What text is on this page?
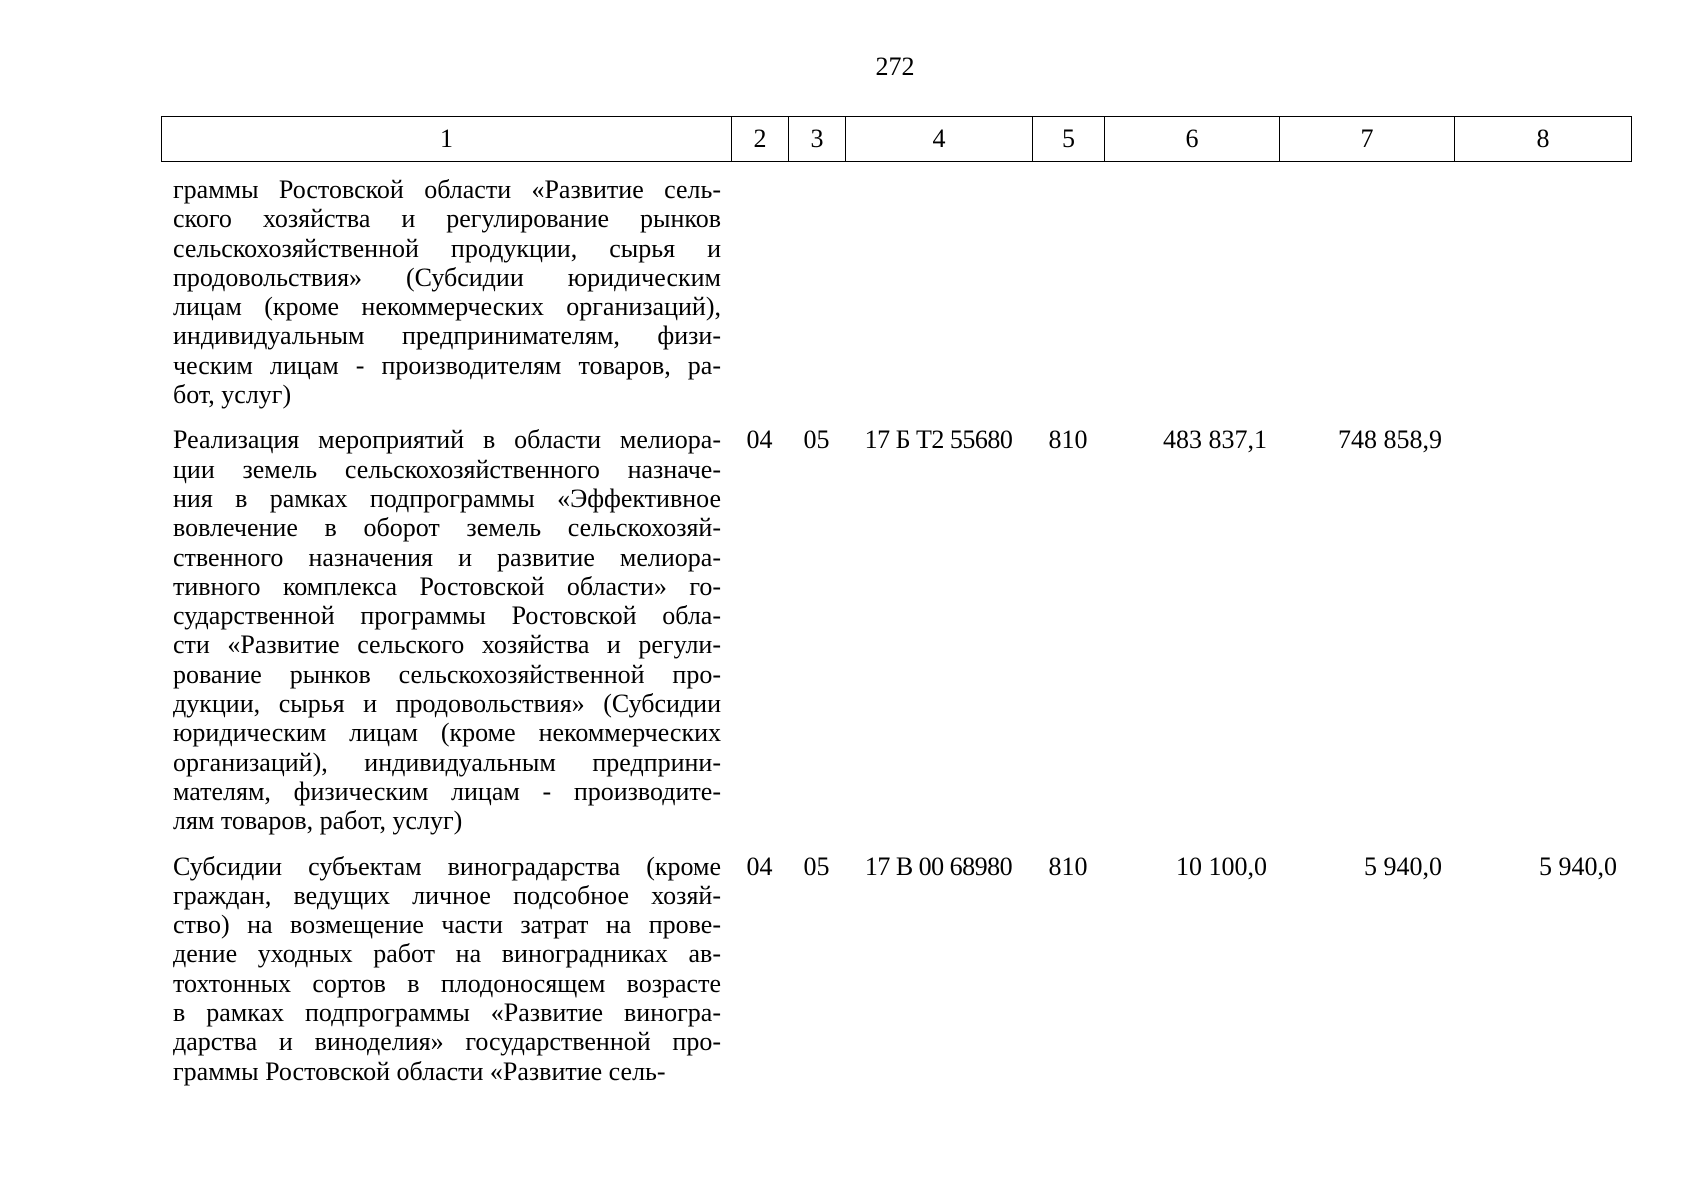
272
1	2	3	4	5	6	7	8
граммы Ростовской области «Развитие сель-
ского хозяйства и регулирование рынков
сельскохозяйственной продукции, сырья и
продовольствия» (Субсидии юридическим
лицам (кроме некоммерческих организаций),
индивидуальным предпринимателям, физи-
ческим лицам - производителям товаров, ра-
бот, услуг)
Реализация мероприятий в области мелиора-
ции земель сельскохозяйственного назначе-
ния в рамках подпрограммы «Эффективное
вовлечение в оборот земель сельскохозяй-
ственного назначения и развитие мелиора-
тивного комплекса Ростовской области» го-
сударственной программы Ростовской обла-
сти «Развитие сельского хозяйства и регули-
рование рынков сельскохозяйственной про-
дукции, сырья и продовольствия» (Субсидии
юридическим лицам (кроме некоммерческих
организаций), индивидуальным предприни-
мателям, физическим лицам - производите-
лям товаров, работ, услуг)
04	05	17 Б Т2 55680	810	483 837,1	748 858,9
Субсидии субъектам виноградарства (кроме
граждан, ведущих личное подсобное хозяй-
ство) на возмещение части затрат на прове-
дение уходных работ на виноградниках ав-
тохтонных сортов в плодоносящем возрасте
в рамках подпрограммы «Развитие виногра-
дарства и виноделия» государственной про-
граммы Ростовской области «Развитие сель-
04	05	17 В 00 68980	810	10 100,0	5 940,0	5 940,0
